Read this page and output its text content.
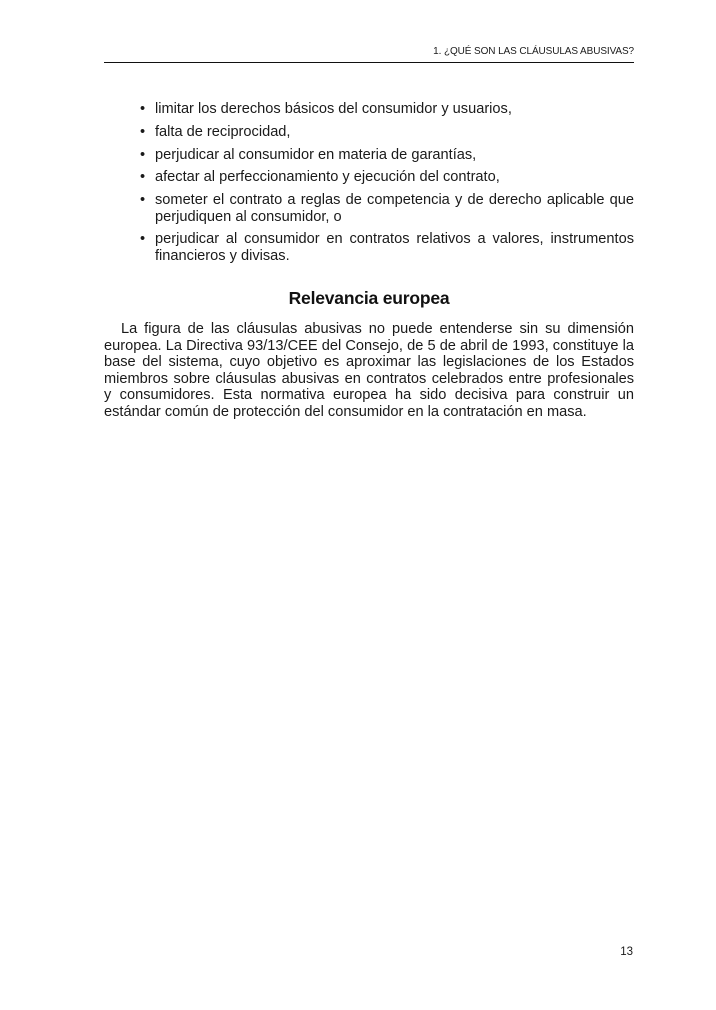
1. ¿QUÉ SON LAS CLÁUSULAS ABUSIVAS?
• limitar los derechos básicos del consumidor y usuarios,
• falta de reciprocidad,
• perjudicar al consumidor en materia de garantías,
• afectar al perfeccionamiento y ejecución del contrato,
• someter el contrato a reglas de competencia y de derecho aplicable que perjudiquen al consumidor, o
• perjudicar al consumidor en contratos relativos a valores, instrumentos financieros y divisas.
Relevancia europea

La figura de las cláusulas abusivas no puede entenderse sin su dimensión europea. La Directiva 93/13/CEE del Consejo, de 5 de abril de 1993, constituye la base del sistema, cuyo objetivo es aproximar las legislaciones de los Estados miembros sobre cláusulas abusivas en contratos celebrados entre profesionales y consumidores. Esta normativa europea ha sido decisiva para construir un estándar común de protección del consumidor en la contratación en masa.

13
